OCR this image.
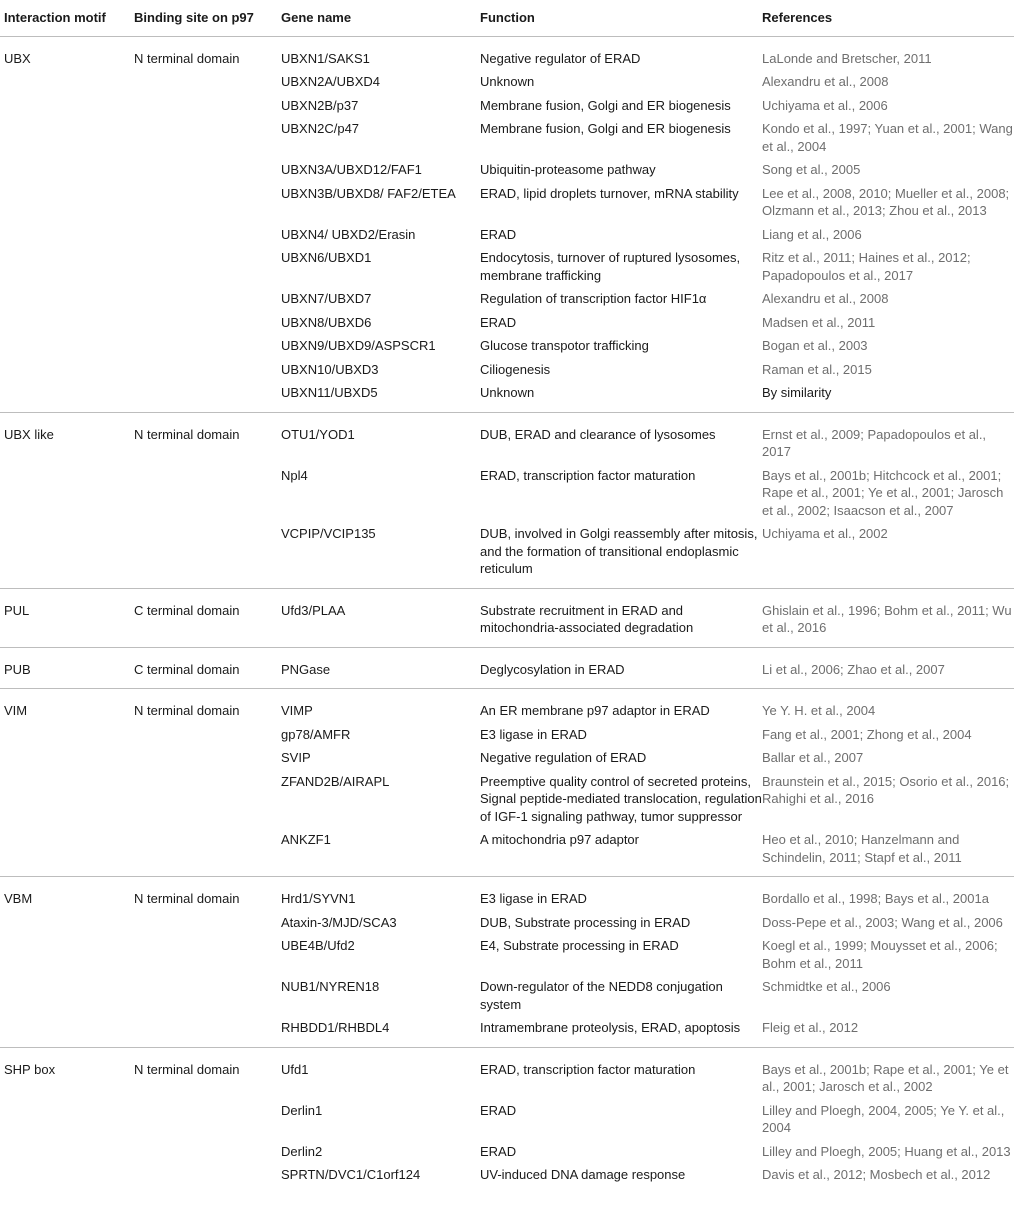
Interaction motif	Binding site on p97	Gene name	Function	References
UBX	N terminal domain	UBXN1/SAKS1	Negative regulator of ERAD	LaLonde and Bretscher, 2011
		UBXN2A/UBXD4	Unknown	Alexandru et al., 2008
		UBXN2B/p37	Membrane fusion, Golgi and ER biogenesis	Uchiyama et al., 2006
		UBXN2C/p47	Membrane fusion, Golgi and ER biogenesis	Kondo et al., 1997; Yuan et al., 2001; Wang et al., 2004
		UBXN3A/UBXD12/FAF1	Ubiquitin-proteasome pathway	Song et al., 2005
		UBXN3B/UBXD8/ FAF2/ETEA	ERAD, lipid droplets turnover, mRNA stability	Lee et al., 2008, 2010; Mueller et al., 2008; Olzmann et al., 2013; Zhou et al., 2013
		UBXN4/ UBXD2/Erasin	ERAD	Liang et al., 2006
		UBXN6/UBXD1	Endocytosis, turnover of ruptured lysosomes, membrane trafficking	Ritz et al., 2011; Haines et al., 2012; Papadopoulos et al., 2017
		UBXN7/UBXD7	Regulation of transcription factor HIF1α	Alexandru et al., 2008
		UBXN8/UBXD6	ERAD	Madsen et al., 2011
		UBXN9/UBXD9/ASPSCR1	Glucose transpotor trafficking	Bogan et al., 2003
		UBXN10/UBXD3	Ciliogenesis	Raman et al., 2015
		UBXN11/UBXD5	Unknown	By similarity
UBX like	N terminal domain	OTU1/YOD1	DUB, ERAD and clearance of lysosomes	Ernst et al., 2009; Papadopoulos et al., 2017
		Npl4	ERAD, transcription factor maturation	Bays et al., 2001b; Hitchcock et al., 2001; Rape et al., 2001; Ye et al., 2001; Jarosch et al., 2002; Isaacson et al., 2007
		VCPIP/VCIP135	DUB, involved in Golgi reassembly after mitosis, and the formation of transitional endoplasmic reticulum	Uchiyama et al., 2002
PUL	C terminal domain	Ufd3/PLAA	Substrate recruitment in ERAD and mitochondria-associated degradation	Ghislain et al., 1996; Bohm et al., 2011; Wu et al., 2016
PUB	C terminal domain	PNGase	Deglycosylation in ERAD	Li et al., 2006; Zhao et al., 2007
VIM	N terminal domain	VIMP	An ER membrane p97 adaptor in ERAD	Ye Y. H. et al., 2004
		gp78/AMFR	E3 ligase in ERAD	Fang et al., 2001; Zhong et al., 2004
		SVIP	Negative regulation of ERAD	Ballar et al., 2007
		ZFAND2B/AIRAPL	Preemptive quality control of secreted proteins, Signal peptide-mediated translocation, regulation of IGF-1 signaling pathway, tumor suppressor	Braunstein et al., 2015; Osorio et al., 2016; Rahighi et al., 2016
		ANKZF1	A mitochondria p97 adaptor	Heo et al., 2010; Hanzelmann and Schindelin, 2011; Stapf et al., 2011
VBM	N terminal domain	Hrd1/SYVN1	E3 ligase in ERAD	Bordallo et al., 1998; Bays et al., 2001a
		Ataxin-3/MJD/SCA3	DUB, Substrate processing in ERAD	Doss-Pepe et al., 2003; Wang et al., 2006
		UBE4B/Ufd2	E4, Substrate processing in ERAD	Koegl et al., 1999; Mouysset et al., 2006; Bohm et al., 2011
		NUB1/NYREN18	Down-regulator of the NEDD8 conjugation system	Schmidtke et al., 2006
		RHBDD1/RHBDL4	Intramembrane proteolysis, ERAD, apoptosis	Fleig et al., 2012
SHP box	N terminal domain	Ufd1	ERAD, transcription factor maturation	Bays et al., 2001b; Rape et al., 2001; Ye et al., 2001; Jarosch et al., 2002
		Derlin1	ERAD	Lilley and Ploegh, 2004, 2005; Ye Y. et al., 2004
		Derlin2	ERAD	Lilley and Ploegh, 2005; Huang et al., 2013
		SPRTN/DVC1/C1orf124	UV-induced DNA damage response	Davis et al., 2012; Mosbech et al., 2012
